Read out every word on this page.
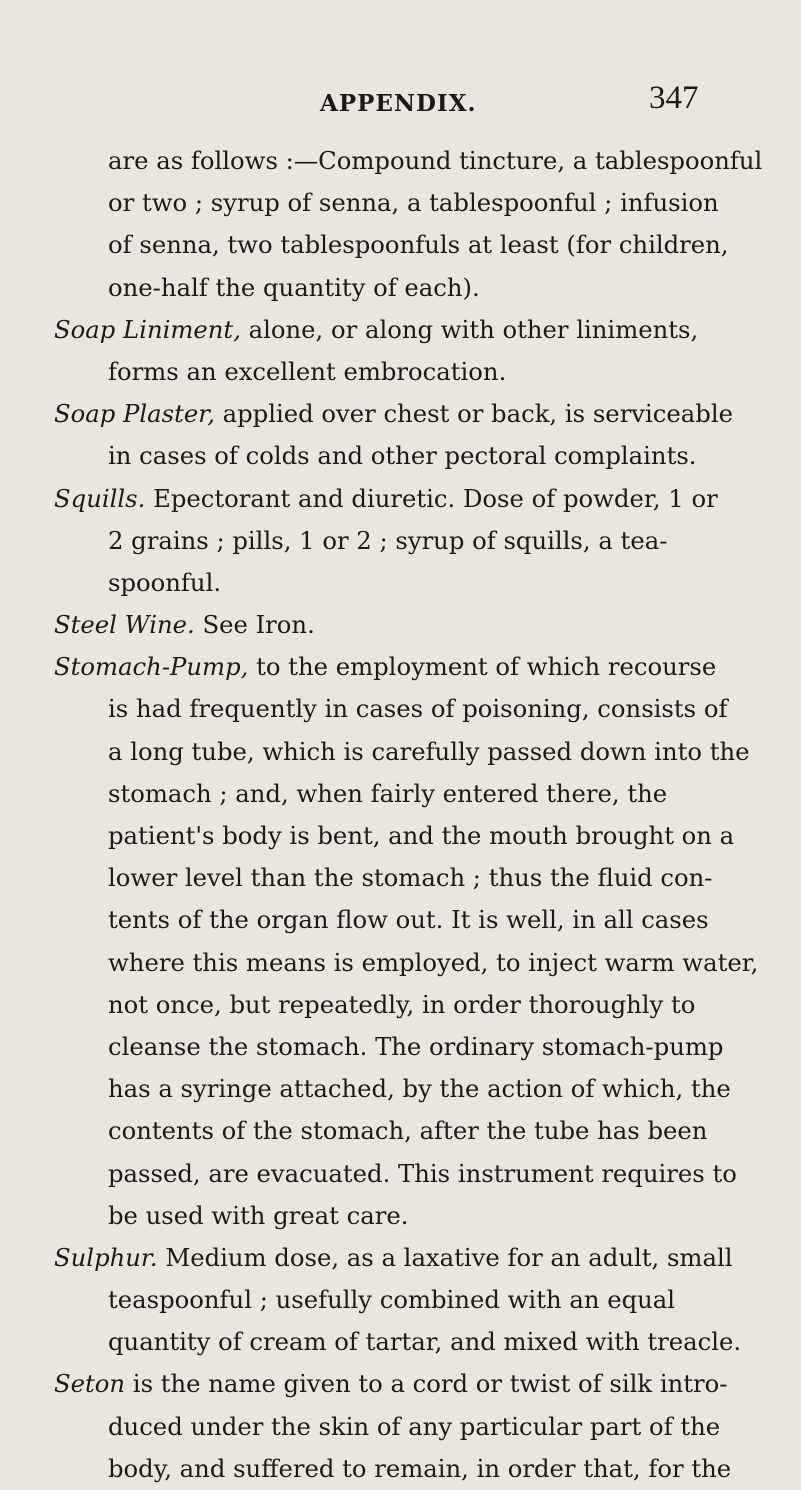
APPENDIX.	347
are as follows :—Compound tincture, a tablespoonful
or two ; syrup of senna, a tablespoonful ; infusion
of senna, two tablespoonfuls at least (for children,
one-half the quantity of each).
Soap Liniment, alone, or along with other liniments,
forms an excellent embrocation.
Soap Plaster, applied over chest or back, is serviceable
in cases of colds and other pectoral complaints.
Squills. Epectorant and diuretic. Dose of powder, 1 or
2 grains ; pills, 1 or 2 ; syrup of squills, a tea-
spoonful.
Steel Wine. See Iron.
Stomach-Pump, to the employment of which recourse
is had frequently in cases of poisoning, consists of
a long tube, which is carefully passed down into the
stomach ; and, when fairly entered there, the
patient's body is bent, and the mouth brought on a
lower level than the stomach ; thus the fluid con-
tents of the organ flow out. It is well, in all cases
where this means is employed, to inject warm water,
not once, but repeatedly, in order thoroughly to
cleanse the stomach. The ordinary stomach-pump
has a syringe attached, by the action of which, the
contents of the stomach, after the tube has been
passed, are evacuated. This instrument requires to
be used with great care.
Sulphur. Medium dose, as a laxative for an adult, small
teaspoonful ; usefully combined with an equal
quantity of cream of tartar, and mixed with treacle.
Seton is the name given to a cord or twist of silk intro-
duced under the skin of any particular part of the
body, and suffered to remain, in order that, for the
